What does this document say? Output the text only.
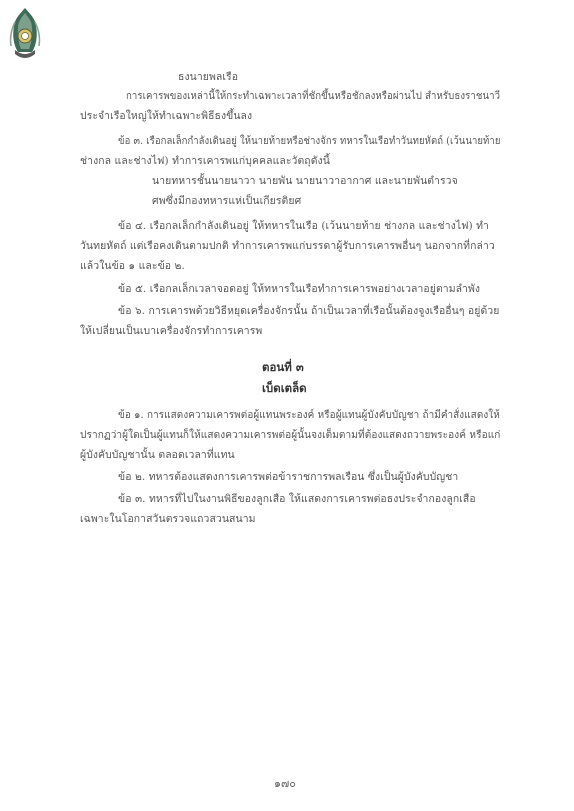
ธงนายพลเรือ
การเคารพของเหล่านี้ให้กระทำเฉพาะเวลาที่ชักขึ้นหรือชักลงหรือผ่านไป สำหรับธงราชนาวี
ประจำเรือใหญ่ให้ทำเฉพาะพิธีธงขึ้นลง
ข้อ ๓. เรือกลเล็กกำลังเดินอยู่ ให้นายท้ายหรือช่างจักร ทหารในเรือทำวันทยหัตถ์ (เว้นนายท้าย
ช่างกล และช่างไฟ) ทำการเคารพแก่บุคคลและวัตถุดังนี้
นายทหารชั้นนายนาวา นายพัน นายนาวาอากาศ และนายพันตำรวจ
ศพซึ่งมีกองทหารแห่เป็นเกียรติยศ
ข้อ ๔. เรือกลเล็กกำลังเดินอยู่ ให้ทหารในเรือ (เว้นนายท้าย ช่างกล และช่างไฟ) ทำ
วันทยหัตถ์ แต่เรือคงเดินตามปกติ ทำการเคารพแก่บรรดาผู้รับการเคารพอื่นๆ นอกจากที่กล่าว
แล้วในข้อ ๑ และข้อ ๒.
ข้อ ๕. เรือกลเล็กเวลาจอดอยู่ ให้ทหารในเรือทำการเคารพอย่างเวลาอยู่ตามลำพัง
ข้อ ๖. การเคารพด้วยวิธีหยุดเครื่องจักรนั้น ถ้าเป็นเวลาที่เรือนั้นต้องจูงเรืออื่นๆ อยู่ด้วย
ให้เปลี่ยนเป็นเบาเครื่องจักรทำการเคารพ
ตอนที่ ๓
เบ็ดเตล็ด
ข้อ ๑. การแสดงความเคารพต่อผู้แทนพระองค์ หรือผู้แทนผู้บังคับบัญชา ถ้ามีคำสั่งแสดงให้
ปรากฏว่าผู้ใดเป็นผู้แทนก็ให้แสดงความเคารพต่อผู้นั้นจงเต็มตามที่ต้องแสดงถวายพระองค์ หรือแก่
ผู้บังคับบัญชานั้น ตลอดเวลาที่แทน
ข้อ ๒. ทหารต้องแสดงการเคารพต่อข้าราชการพลเรือน ซึ่งเป็นผู้บังคับบัญชา
ข้อ ๓. ทหารที่ไปในงานพิธีของลูกเสือ ให้แสดงการเคารพต่อธงประจำกองลูกเสือ
เฉพาะในโอกาสวันตรวจแถวสวนสนาม
๑๗๐
